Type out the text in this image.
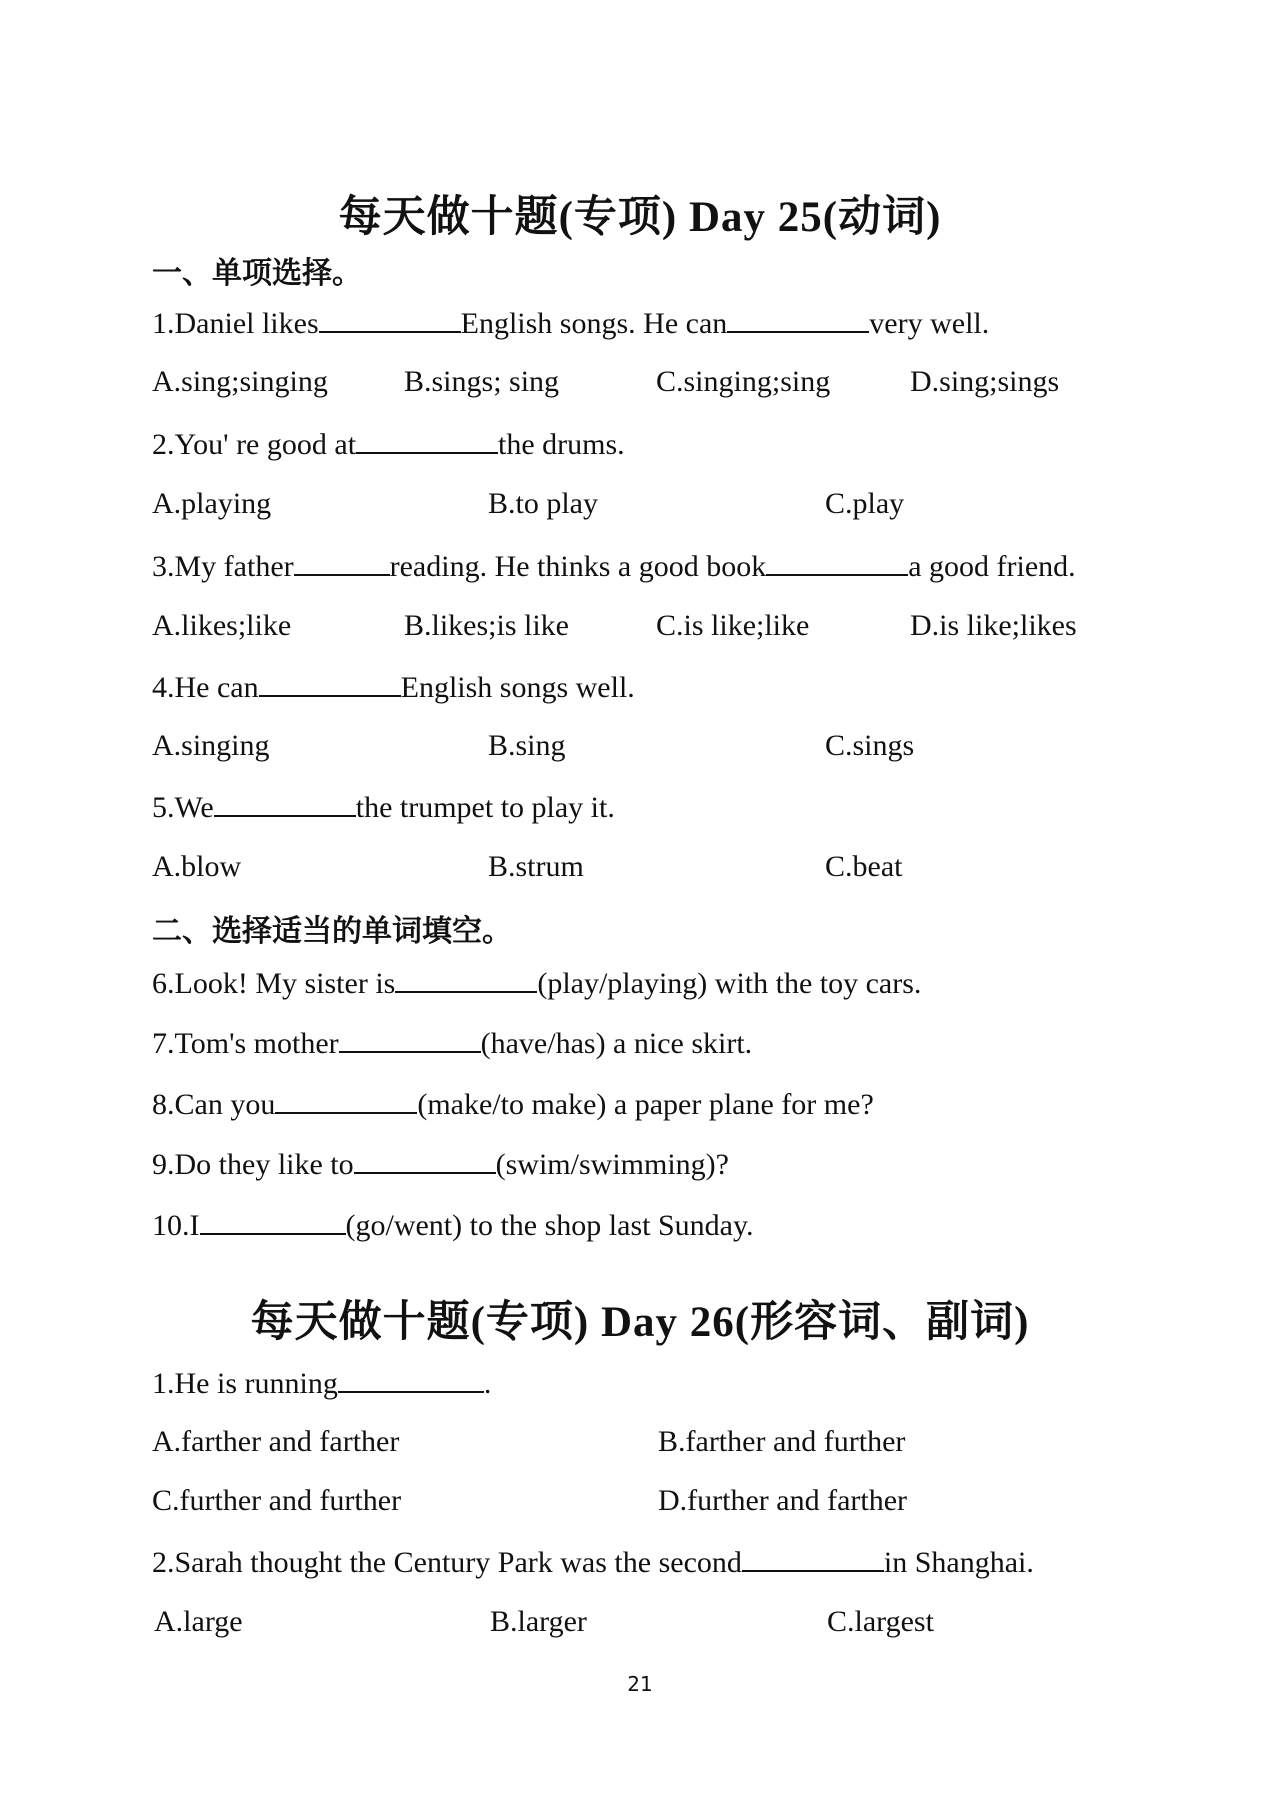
每天做十题(专项) Day 25(动词)
一、单项选择。
1.Daniel likes	English songs. He can	very well.
A.sing;singing	B.sings; sing	C.singing;sing	D.sing;sings
2.You' re good at	the drums.
A.playing	B.to play	C.play
3.My father	reading. He thinks a good book	a good friend.
A.likes;like	B.likes;is like	C.is like;like	D.is like;likes
4.He can	English songs well.
A.singing	B.sing	C.sings
5.We	the trumpet to play it.
A.blow	B.strum	C.beat
二、选择适当的单词填空。
6.Look! My sister is	(play/playing) with the toy cars.
7.Tom's mother	(have/has) a nice skirt.
8.Can you	(make/to make) a paper plane for me?
9.Do they like to	(swim/swimming)?
10.I	(go/went) to the shop last Sunday.
每天做十题(专项) Day 26(形容词、副词)
1.He is running	.
A.farther and farther	B.farther and further
C.further and further	D.further and farther
2.Sarah thought the Century Park was the second	in Shanghai.
A.large	B.larger	C.largest
21
